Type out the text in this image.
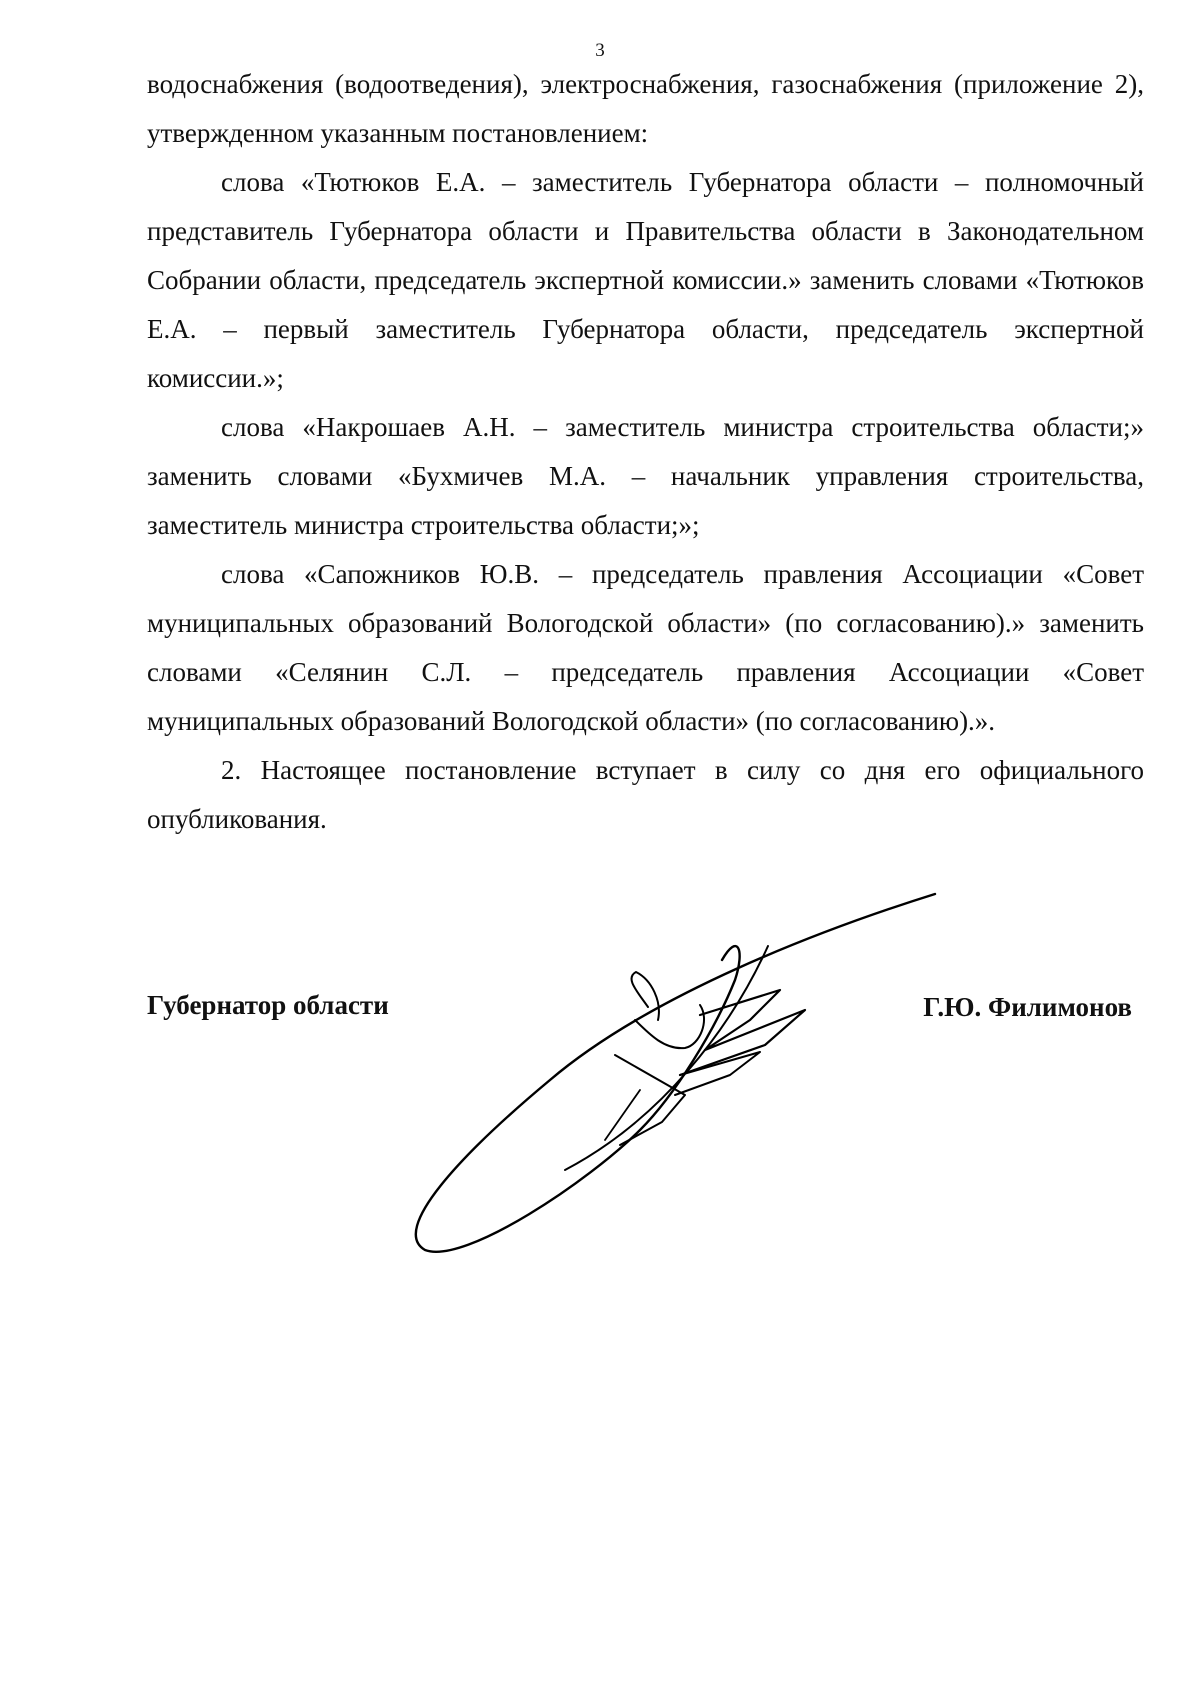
3

водоснабжения (водоотведения), электроснабжения, газоснабжения (приложение 2), утвержденном указанным постановлением:

слова «Тютюков Е.А. – заместитель Губернатора области – полномочный представитель Губернатора области и Правительства области в Законодательном Собрании области, председатель экспертной комиссии.» заменить словами «Тютюков Е.А. – первый заместитель Губернатора области, председатель экспертной комиссии.»;

слова «Накрошаев А.Н. – заместитель министра строительства области;» заменить словами «Бухмичев М.А. – начальник управления строительства, заместитель министра строительства области;»;

слова «Сапожников Ю.В. – председатель правления Ассоциации «Совет муниципальных образований Вологодской области» (по согласованию).» заменить словами «Селянин С.Л. – председатель правления Ассоциации «Совет муниципальных образований Вологодской области» (по согласованию).».

2. Настоящее постановление вступает в силу со дня его официального опубликования.

Губернатор области	Г.Ю. Филимонов
